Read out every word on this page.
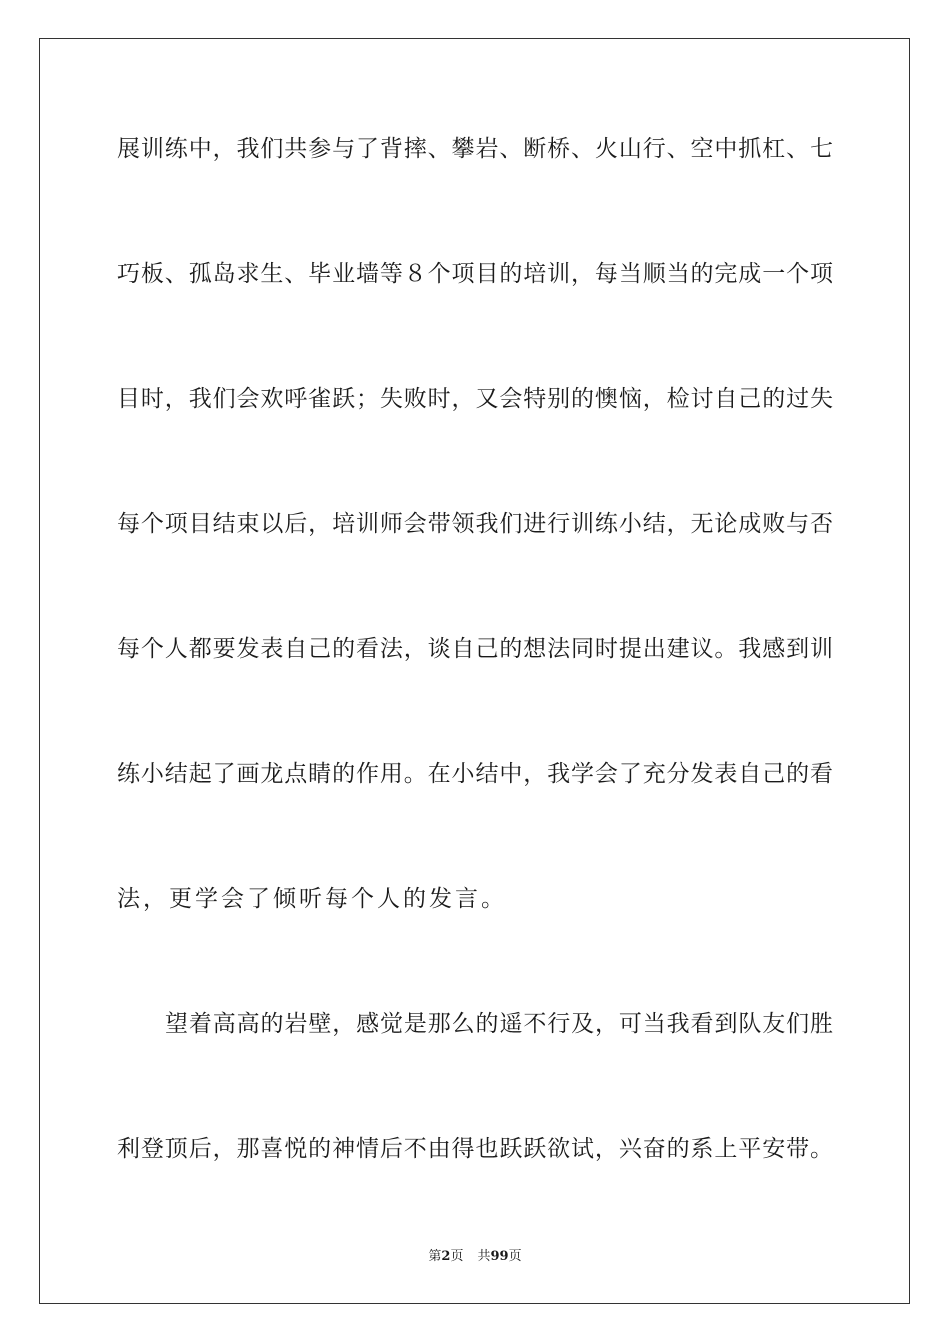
展训练中，我们共参与了背摔、攀岩、断桥、火山行、空中抓杠、七
巧板、孤岛求生、毕业墙等８个项目的培训，每当顺当的完成一个项
目时，我们会欢呼雀跃；失败时，又会特别的懊恼，检讨自己的过失
每个项目结束以后，培训师会带领我们进行训练小结，无论成败与否
每个人都要发表自己的看法，谈自己的想法同时提出建议。我感到训
练小结起了画龙点睛的作用。在小结中，我学会了充分发表自己的看
法，更学会了倾听每个人的发言。
望着高高的岩壁，感觉是那么的遥不行及，可当我看到队友们胜
利登顶后，那喜悦的神情后不由得也跃跃欲试，兴奋的系上平安带。
第2页 共99页
